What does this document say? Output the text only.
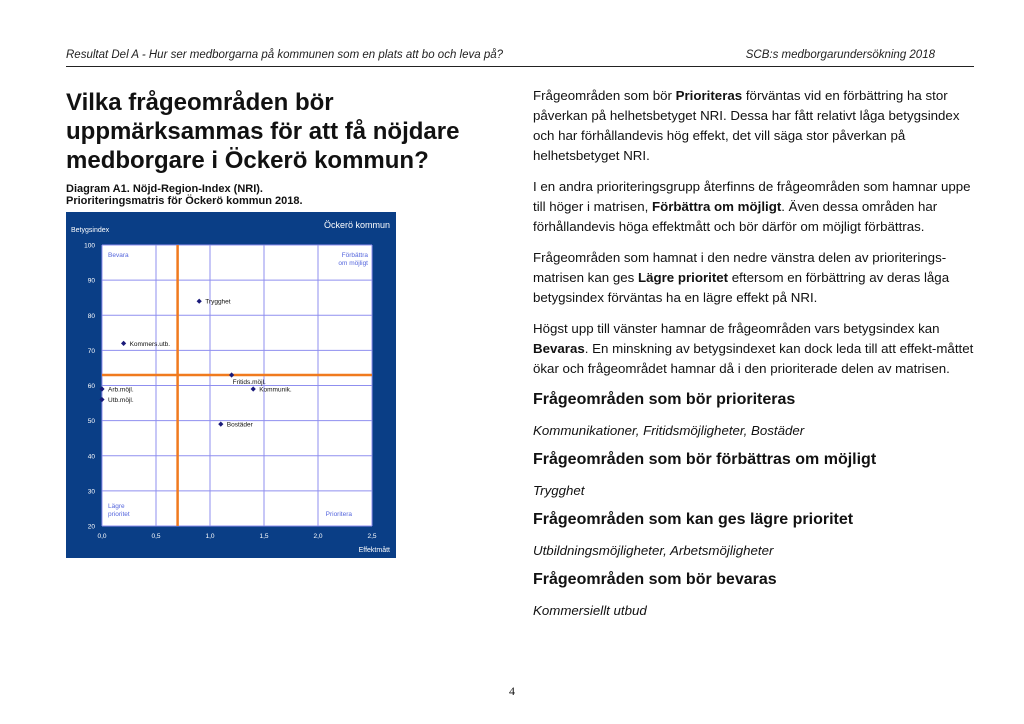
Resultat Del A - Hur ser medborgarna på kommunen som en plats att bo och leva på?	SCB:s medborgarundersökning 2018
Vilka frågeområden bör uppmärksammas för att få nöjdare medborgare i Öckerö kommun?
Diagram A1. Nöjd-Region-Index (NRI).
Prioriteringsmatris för Öckerö kommun 2018.
Öckerö kommun
Betygsindex
Effektmått
20
30
40
50
60
70
80
90
100
0,0	0,5	1,0	1,5	2,0	2,5
Bevara	Förbättra om möjligt
Lägre prioritet	Prioritera
Trygghet
Kommers.utb.
Fritids.möjl.
Kommunik.
Arb.möjl.
Utb.möjl.
Bostäder

Frågeområden som bör Prioriteras förväntas vid en förbättring ha stor påverkan på helhetsbetyget NRI. Dessa har fått relativt låga betygsindex och har förhållandevis hög effekt, det vill säga stor påverkan på helhetsbetyget NRI.

I en andra prioriteringsgrupp återfinns de frågeområden som hamnar uppe till höger i matrisen, Förbättra om möjligt. Även dessa områden har förhållandevis höga effektmått och bör därför om möjligt förbättras.

Frågeområden som hamnat i den nedre vänstra delen av prioriterings-matrisen kan ges Lägre prioritet eftersom en förbättring av deras låga betygsindex förväntas ha en lägre effekt på NRI.

Högst upp till vänster hamnar de frågeområden vars betygsindex kan Bevaras. En minskning av betygsindexet kan dock leda till att effekt-måttet ökar och frågeområdet hamnar då i den prioriterade delen av matrisen.

Frågeområden som bör prioriteras
Kommunikationer, Fritidsmöjligheter, Bostäder
Frågeområden som bör förbättras om möjligt
Trygghet
Frågeområden som kan ges lägre prioritet
Utbildningsmöjligheter, Arbetsmöjligheter
Frågeområden som bör bevaras
Kommersiellt utbud
4
